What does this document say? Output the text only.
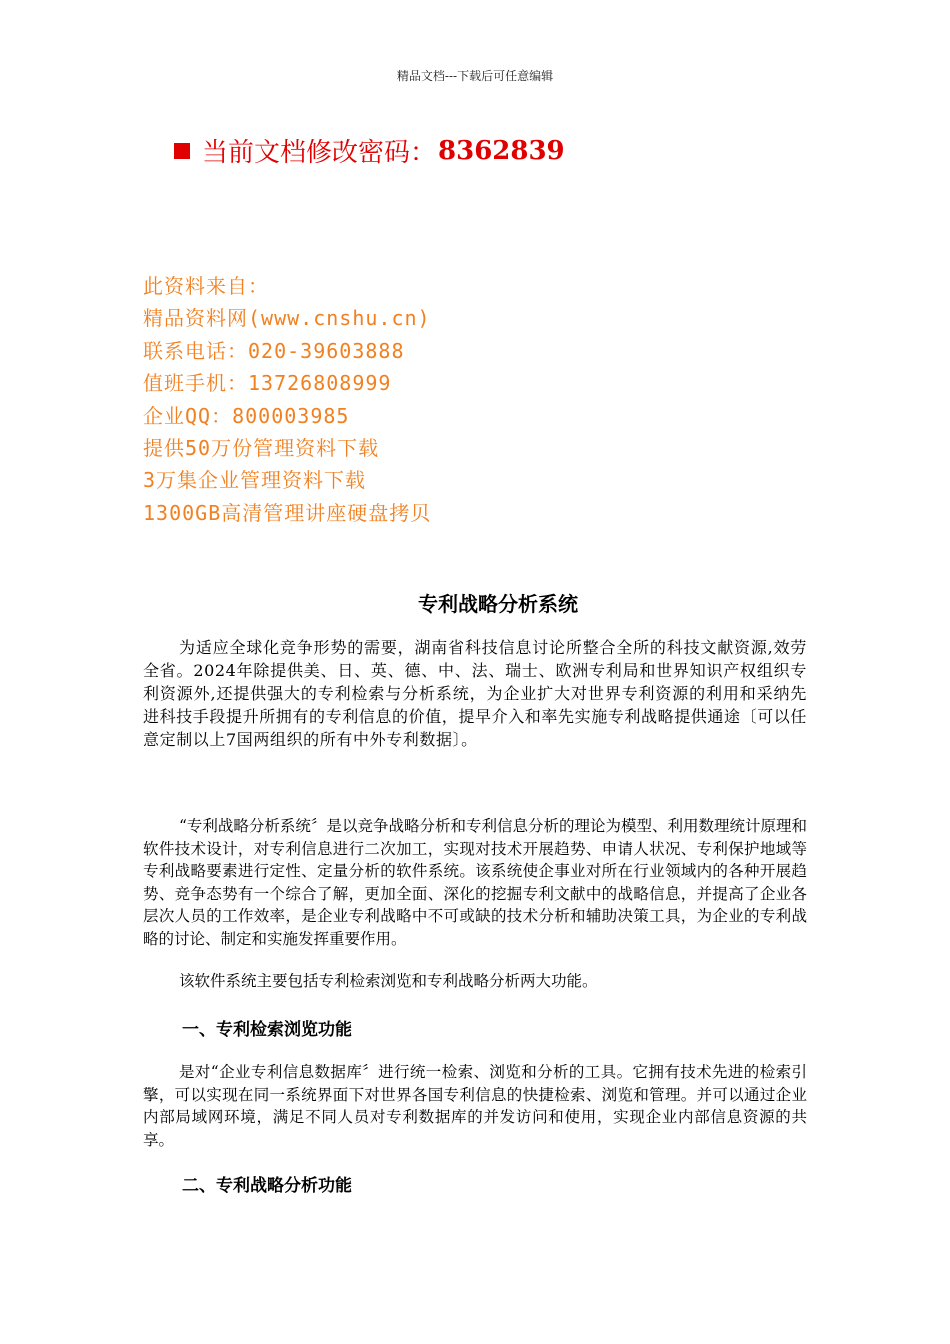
精品文档---下载后可任意编辑
当前文档修改密码： 8362839
此资料来自：
精品资料网(www.cnshu.cn)
联系电话：020-39603888
值班手机：13726808999
企业QQ：800003985
提供50万份管理资料下载
3万集企业管理资料下载
1300GB高清管理讲座硬盘拷贝
专利战略分析系统
为适应全球化竞争形势的需要，湖南省科技信息讨论所整合全所的科技文献资源,效劳全省。2024年除提供美、日、英、德、中、法、瑞士、欧洲专利局和世界知识产权组织专利资源外,还提供强大的专利检索与分析系统，为企业扩大对世界专利资源的利用和采纳先进科技手段提升所拥有的专利信息的价值，提早介入和率先实施专利战略提供通途〔可以任意定制以上7国两组织的所有中外专利数据〕。
“专利战略分析系统〞是以竞争战略分析和专利信息分析的理论为模型、利用数理统计原理和软件技术设计，对专利信息进行二次加工，实现对技术开展趋势、申请人状况、专利保护地域等专利战略要素进行定性、定量分析的软件系统。该系统使企事业对所在行业领域内的各种开展趋势、竞争态势有一个综合了解，更加全面、深化的挖掘专利文献中的战略信息，并提高了企业各层次人员的工作效率，是企业专利战略中不可或缺的技术分析和辅助决策工具，为企业的专利战略的讨论、制定和实施发挥重要作用。
该软件系统主要包括专利检索浏览和专利战略分析两大功能。
一、专利检索浏览功能
是对“企业专利信息数据库〞进行统一检索、浏览和分析的工具。它拥有技术先进的检索引擎，可以实现在同一系统界面下对世界各国专利信息的快捷检索、浏览和管理。并可以通过企业内部局域网环境，满足不同人员对专利数据库的并发访问和使用，实现企业内部信息资源的共享。
二、专利战略分析功能
